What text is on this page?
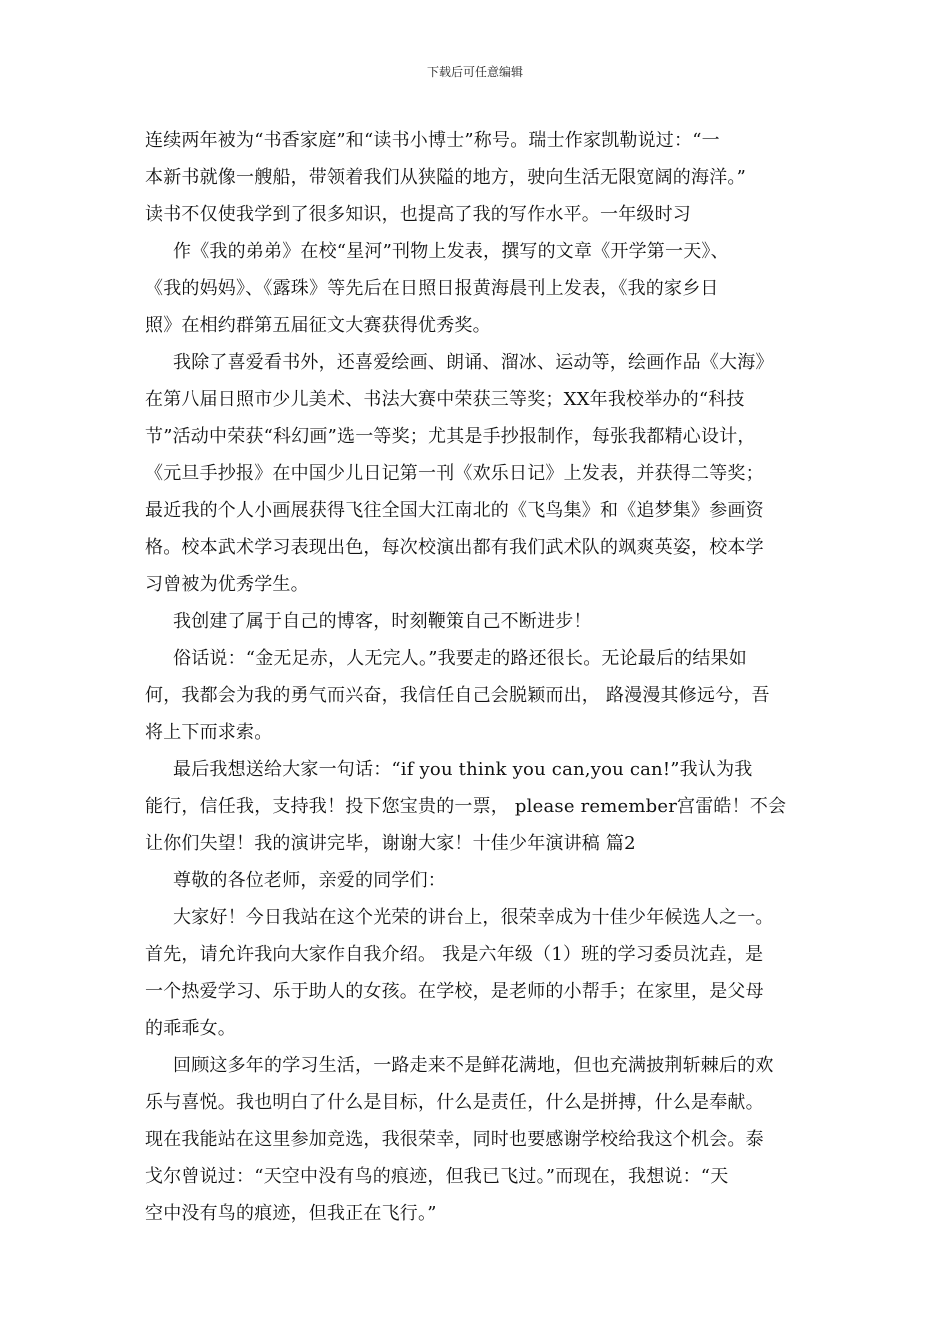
下载后可任意编辑
连续两年被为“书香家庭”和“读书小博士”称号。瑞士作家凯勒说过：“一
本新书就像一艘船，带领着我们从狭隘的地方，驶向生活无限宽阔的海洋。”
读书不仅使我学到了很多知识，也提高了我的写作水平。一年级时习
作《我的弟弟》在校“星河”刊物上发表，撰写的文章《开学第一天》、
《我的妈妈》、《露珠》等先后在日照日报黄海晨刊上发表，《我的家乡日
照》在相约群第五届征文大赛获得优秀奖。
我除了喜爱看书外，还喜爱绘画、朗诵、溜冰、运动等，绘画作品《大海》
在第八届日照市少儿美术、书法大赛中荣获三等奖；XX年我校举办的“科技
节”活动中荣获“科幻画”选一等奖；尤其是手抄报制作，每张我都精心设计，
《元旦手抄报》在中国少儿日记第一刊《欢乐日记》上发表，并获得二等奖；
最近我的个人小画展获得飞往全国大江南北的《飞鸟集》和《追梦集》参画资
格。校本武术学习表现出色，每次校演出都有我们武术队的飒爽英姿，校本学
习曾被为优秀学生。
我创建了属于自己的博客，时刻鞭策自己不断进步！
俗话说：“金无足赤，人无完人。”我要走的路还很长。无论最后的结果如
何，我都会为我的勇气而兴奋，我信任自己会脱颖而出， 路漫漫其修远兮，吾
将上下而求索。
最后我想送给大家一句话：“if you think you can,you can!”我认为我
能行，信任我，支持我！投下您宝贵的一票， please remember宫雷皓！不会
让你们失望！我的演讲完毕，谢谢大家！十佳少年演讲稿 篇2
尊敬的各位老师，亲爱的同学们：
大家好！今日我站在这个光荣的讲台上，很荣幸成为十佳少年候选人之一。
首先，请允许我向大家作自我介绍。 我是六年级（1）班的学习委员沈垚，是
一个热爱学习、乐于助人的女孩。在学校，是老师的小帮手；在家里，是父母
的乖乖女。
回顾这多年的学习生活，一路走来不是鲜花满地，但也充满披荆斩棘后的欢
乐与喜悦。我也明白了什么是目标，什么是责任，什么是拼搏，什么是奉献。
现在我能站在这里参加竞选，我很荣幸，同时也要感谢学校给我这个机会。泰
戈尔曾说过：“天空中没有鸟的痕迹，但我已飞过。”而现在，我想说：“天
空中没有鸟的痕迹，但我正在飞行。”
